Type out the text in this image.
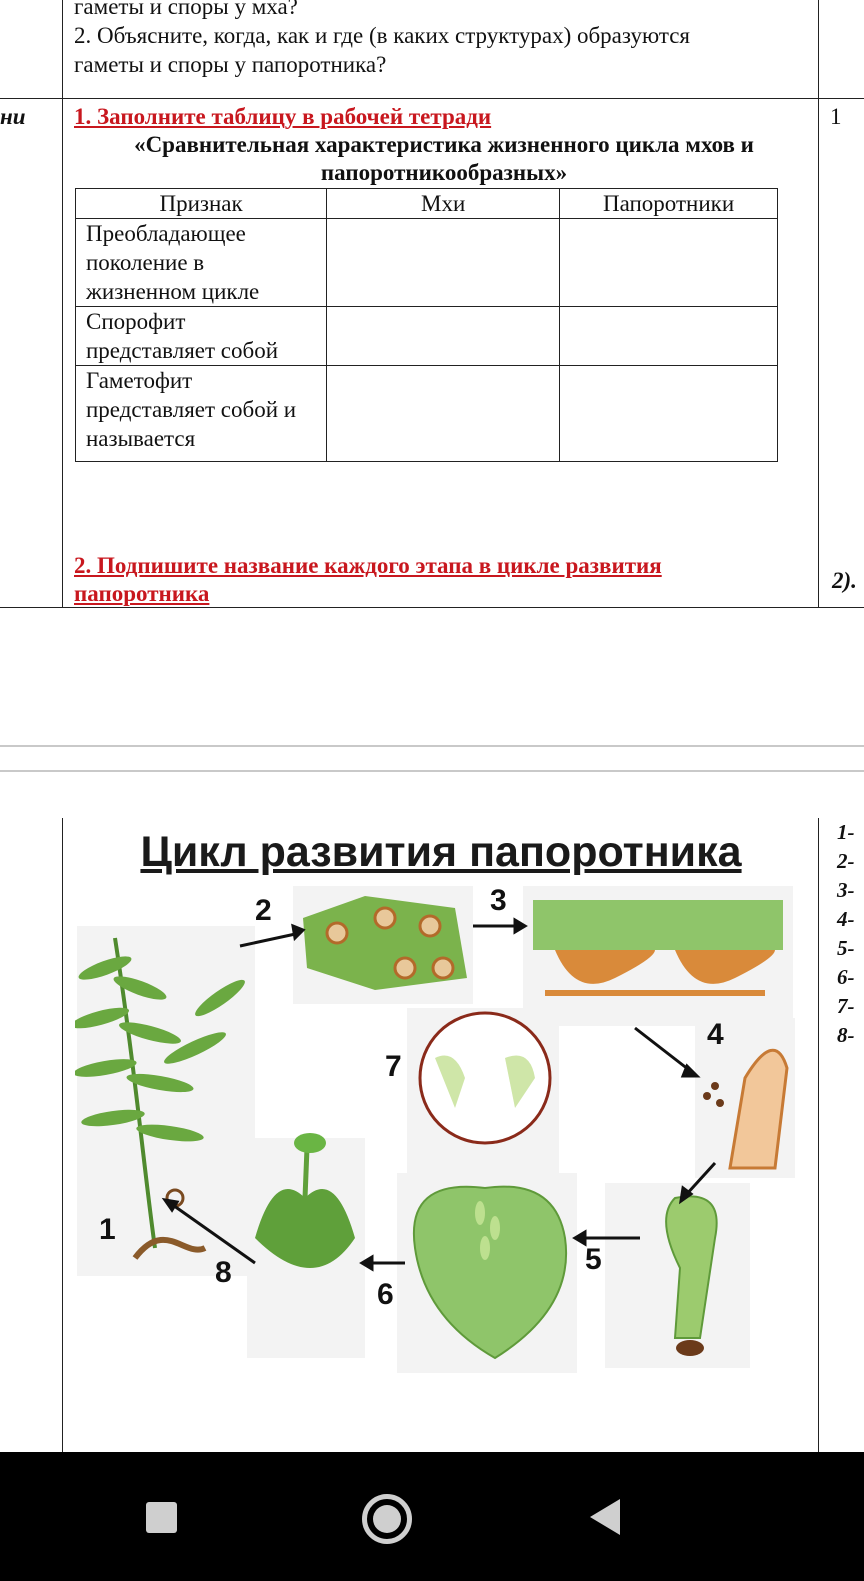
гаметы и споры у мха?
2. Объясните, когда, как и где (в каких структурах) образуются
гаметы и споры у папоротника?
ни	1
1. Заполните таблицу в рабочей тетради
«Сравнительная характеристика жизненного цикла мхов и
папоротникообразных»
Признак	Мхи	Папоротники
Преобладающее поколение в жизненном цикле		
Спорофит представляет собой		
Гаметофит представляет собой и называется		
2. Подпишите название каждого этапа в цикле развития
папоротника
2).
Цикл развития папоротника
2	3
4
7
1
5
8
6
1-
2-
3-
4-
5-
6-
7-
8-
